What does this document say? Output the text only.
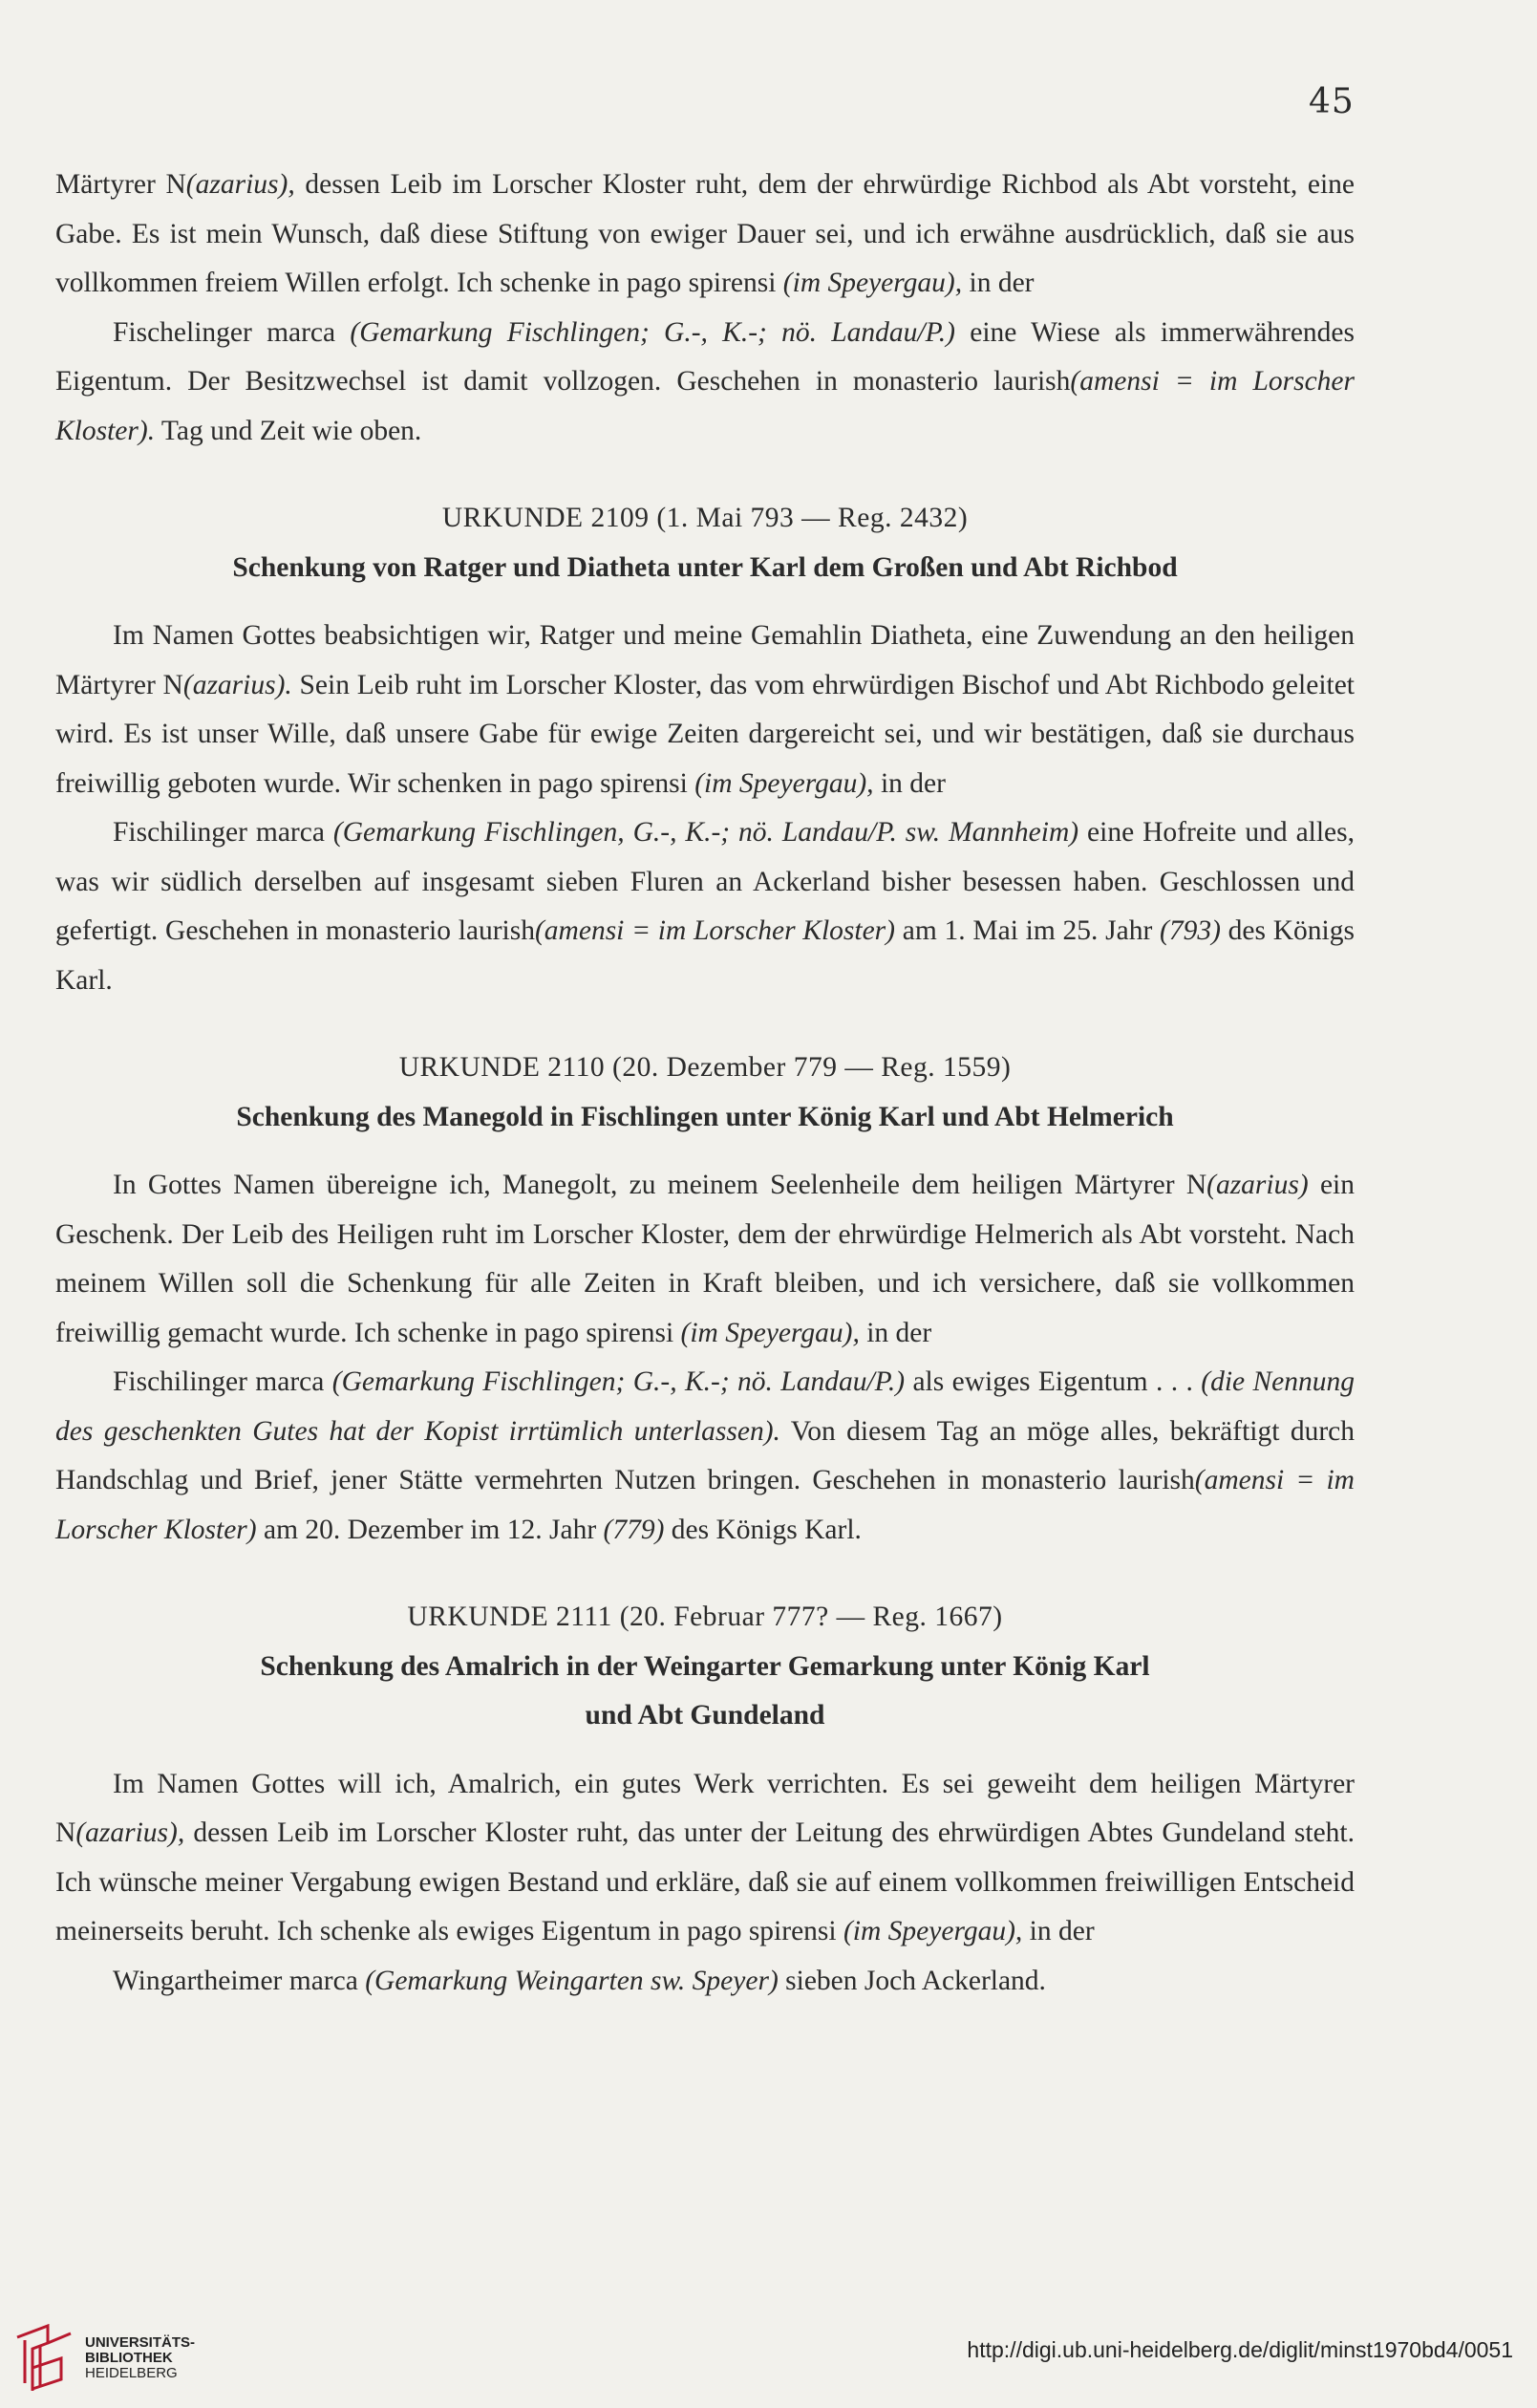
45

Märtyrer N(azarius), dessen Leib im Lorscher Kloster ruht, dem der ehrwürdige Richbod als Abt vorsteht, eine Gabe. Es ist mein Wunsch, daß diese Stiftung von ewiger Dauer sei, und ich erwähne ausdrücklich, daß sie aus vollkommen freiem Willen erfolgt. Ich schenke in pago spirensi (im Speyergau), in der

Fischelinger marca (Gemarkung Fischlingen; G.-, K.-; nö. Landau/P.) eine Wiese als immerwährendes Eigentum. Der Besitzwechsel ist damit vollzogen. Geschehen in monasterio laurish(amensi = im Lorscher Kloster). Tag und Zeit wie oben.

URKUNDE 2109 (1. Mai 793 — Reg. 2432)

Schenkung von Ratger und Diatheta unter Karl dem Großen und Abt Richbod

Im Namen Gottes beabsichtigen wir, Ratger und meine Gemahlin Diatheta, eine Zuwendung an den heiligen Märtyrer N(azarius). Sein Leib ruht im Lorscher Kloster, das vom ehrwürdigen Bischof und Abt Richbodo geleitet wird. Es ist unser Wille, daß unsere Gabe für ewige Zeiten dargereicht sei, und wir bestätigen, daß sie durchaus freiwillig geboten wurde. Wir schenken in pago spirensi (im Speyergau), in der

Fischilinger marca (Gemarkung Fischlingen, G.-, K.-; nö. Landau/P. sw. Mannheim) eine Hofreite und alles, was wir südlich derselben auf insgesamt sieben Fluren an Ackerland bisher besessen haben. Geschlossen und gefertigt. Geschehen in monasterio laurish(amensi = im Lorscher Kloster) am 1. Mai im 25. Jahr (793) des Königs Karl.

URKUNDE 2110 (20. Dezember 779 — Reg. 1559)

Schenkung des Manegold in Fischlingen unter König Karl und Abt Helmerich

In Gottes Namen übereigne ich, Manegolt, zu meinem Seelenheile dem heiligen Märtyrer N(azarius) ein Geschenk. Der Leib des Heiligen ruht im Lorscher Kloster, dem der ehrwürdige Helmerich als Abt vorsteht. Nach meinem Willen soll die Schenkung für alle Zeiten in Kraft bleiben, und ich versichere, daß sie vollkommen freiwillig gemacht wurde. Ich schenke in pago spirensi (im Speyergau), in der

Fischilinger marca (Gemarkung Fischlingen; G.-, K.-; nö. Landau/P.) als ewiges Eigentum . . . (die Nennung des geschenkten Gutes hat der Kopist irrtümlich unterlassen). Von diesem Tag an möge alles, bekräftigt durch Handschlag und Brief, jener Stätte vermehrten Nutzen bringen. Geschehen in monasterio laurish(amensi = im Lorscher Kloster) am 20. Dezember im 12. Jahr (779) des Königs Karl.

URKUNDE 2111 (20. Februar 777? — Reg. 1667)

Schenkung des Amalrich in der Weingarter Gemarkung unter König Karl

und Abt Gundeland

Im Namen Gottes will ich, Amalrich, ein gutes Werk verrichten. Es sei geweiht dem heiligen Märtyrer N(azarius), dessen Leib im Lorscher Kloster ruht, das unter der Leitung des ehrwürdigen Abtes Gundeland steht. Ich wünsche meiner Vergabung ewigen Bestand und erkläre, daß sie auf einem vollkommen freiwilligen Entscheid meinerseits beruht. Ich schenke als ewiges Eigentum in pago spirensi (im Speyergau), in der

Wingartheimer marca (Gemarkung Weingarten sw. Speyer) sieben Joch Ackerland.

UNIVERSITÄTS-
BIBLIOTHEK
HEIDELBERG
http://digi.ub.uni-heidelberg.de/diglit/minst1970bd4/0051
